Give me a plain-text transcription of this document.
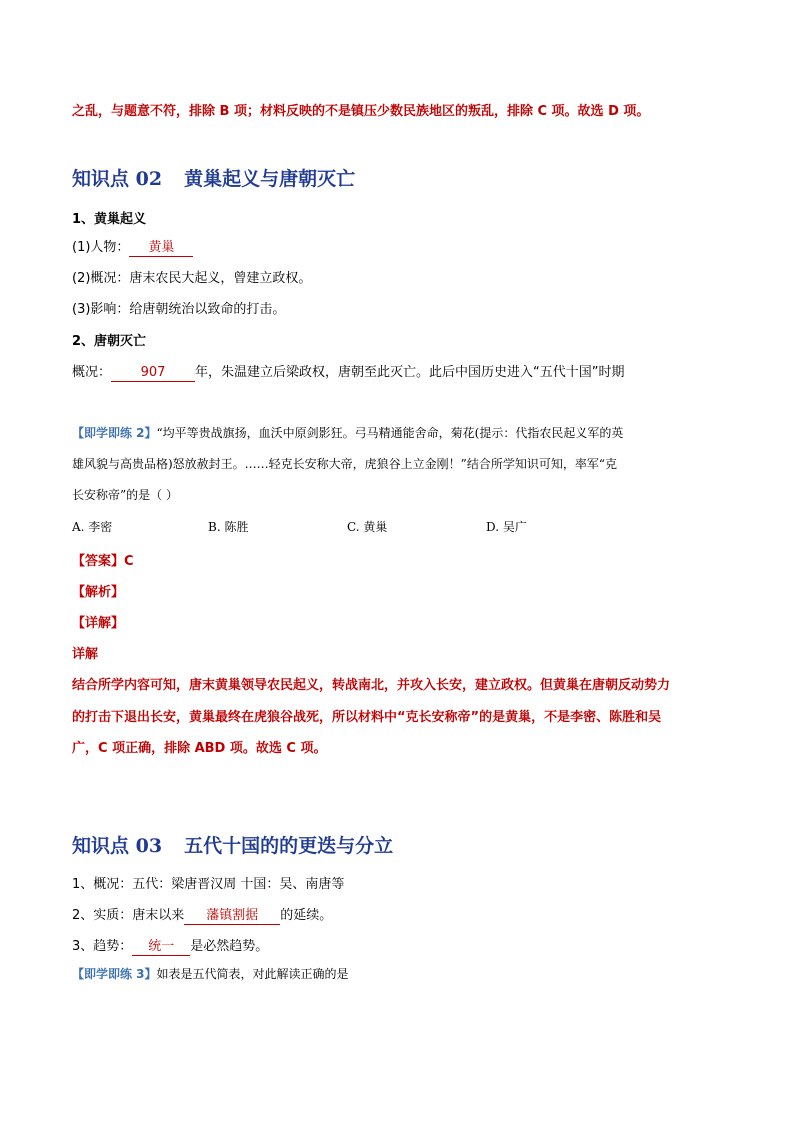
之乱，与题意不符，排除 B 项；材料反映的不是镇压少数民族地区的叛乱，排除 C 项。故选 D 项。
知识点 02 黄巢起义与唐朝灭亡
1、黄巢起义
(1)人物： 黄巢
(2)概况：唐末农民大起义，曾建立政权。
(3)影响：给唐朝统治以致命的打击。
2、唐朝灭亡
概况： 907 年，朱温建立后梁政权，唐朝至此灭亡。此后中国历史进入“五代十国”时期
【即学即练 2】“均平等贵战旗扬，血沃中原剑影狂。弓马精通能舍命，菊花(提示：代指农民起义军的英
雄风貌与高贵品格)怒放赦封王。……轻克长安称大帝，虎狼谷上立金刚！”结合所学知识可知，率军“克
长安称帝”的是（ ）
A. 李密	B. 陈胜	C. 黄巢	D. 吴广
【答案】C
【解析】
【详解】
详解
结合所学内容可知，唐末黄巢领导农民起义，转战南北，并攻入长安，建立政权。但黄巢在唐朝反动势力
的打击下退出长安，黄巢最终在虎狼谷战死，所以材料中“克长安称帝”的是黄巢，不是李密、陈胜和吴
广，C 项正确，排除 ABD 项。故选 C 项。
知识点 03 五代十国的的更迭与分立
1、概况：五代：梁唐晋汉周 十国：吴、南唐等
2、实质：唐末以来 藩镇割据 的延续。
3、趋势： 统一 是必然趋势。
【即学即练 3】如表是五代简表，对此解读正确的是
